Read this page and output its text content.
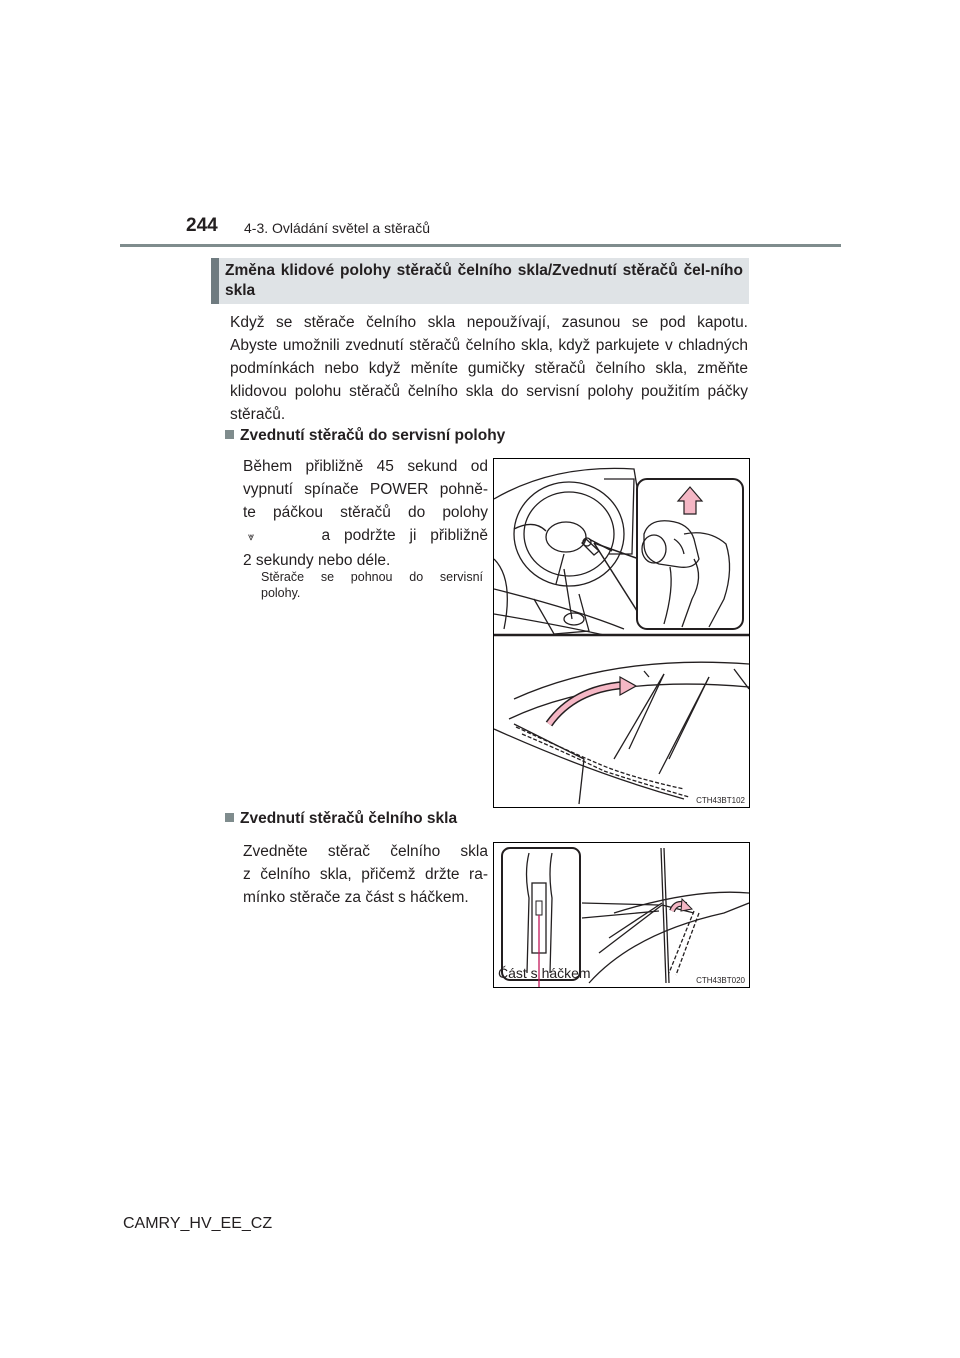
244 4-3. Ovládání světel a stěračů
Změna klidové polohy stěračů čelního skla/Zvednutí stěračů čel-ního skla
Když se stěrače čelního skla nepoužívají, zasunou se pod kapotu.
Abyste umožnili zvednutí stěračů čelního skla, když parkujete v chladných
podmínkách nebo když měníte gumičky stěračů čelního skla, změňte
klidovou polohu stěračů čelního skla do servisní polohy použitím páčky
stěračů.
Zvednutí stěračů do servisní polohy
Během přibližně 45 sekund od
vypnutí spínače POWER pohně-
te páčkou stěračů do polohy
⩔	a podržte ji přibližně
2 sekundy nebo déle.
Stěrače se pohnou do servisní
polohy.
CTH43BT102
Zvednutí stěračů čelního skla
Zvedněte stěrač čelního skla
z čelního skla, přičemž držte ra-
mínko stěrače za část s háčkem.
Část s háčkem	CTH43BT020
CAMRY_HV_EE_CZ
